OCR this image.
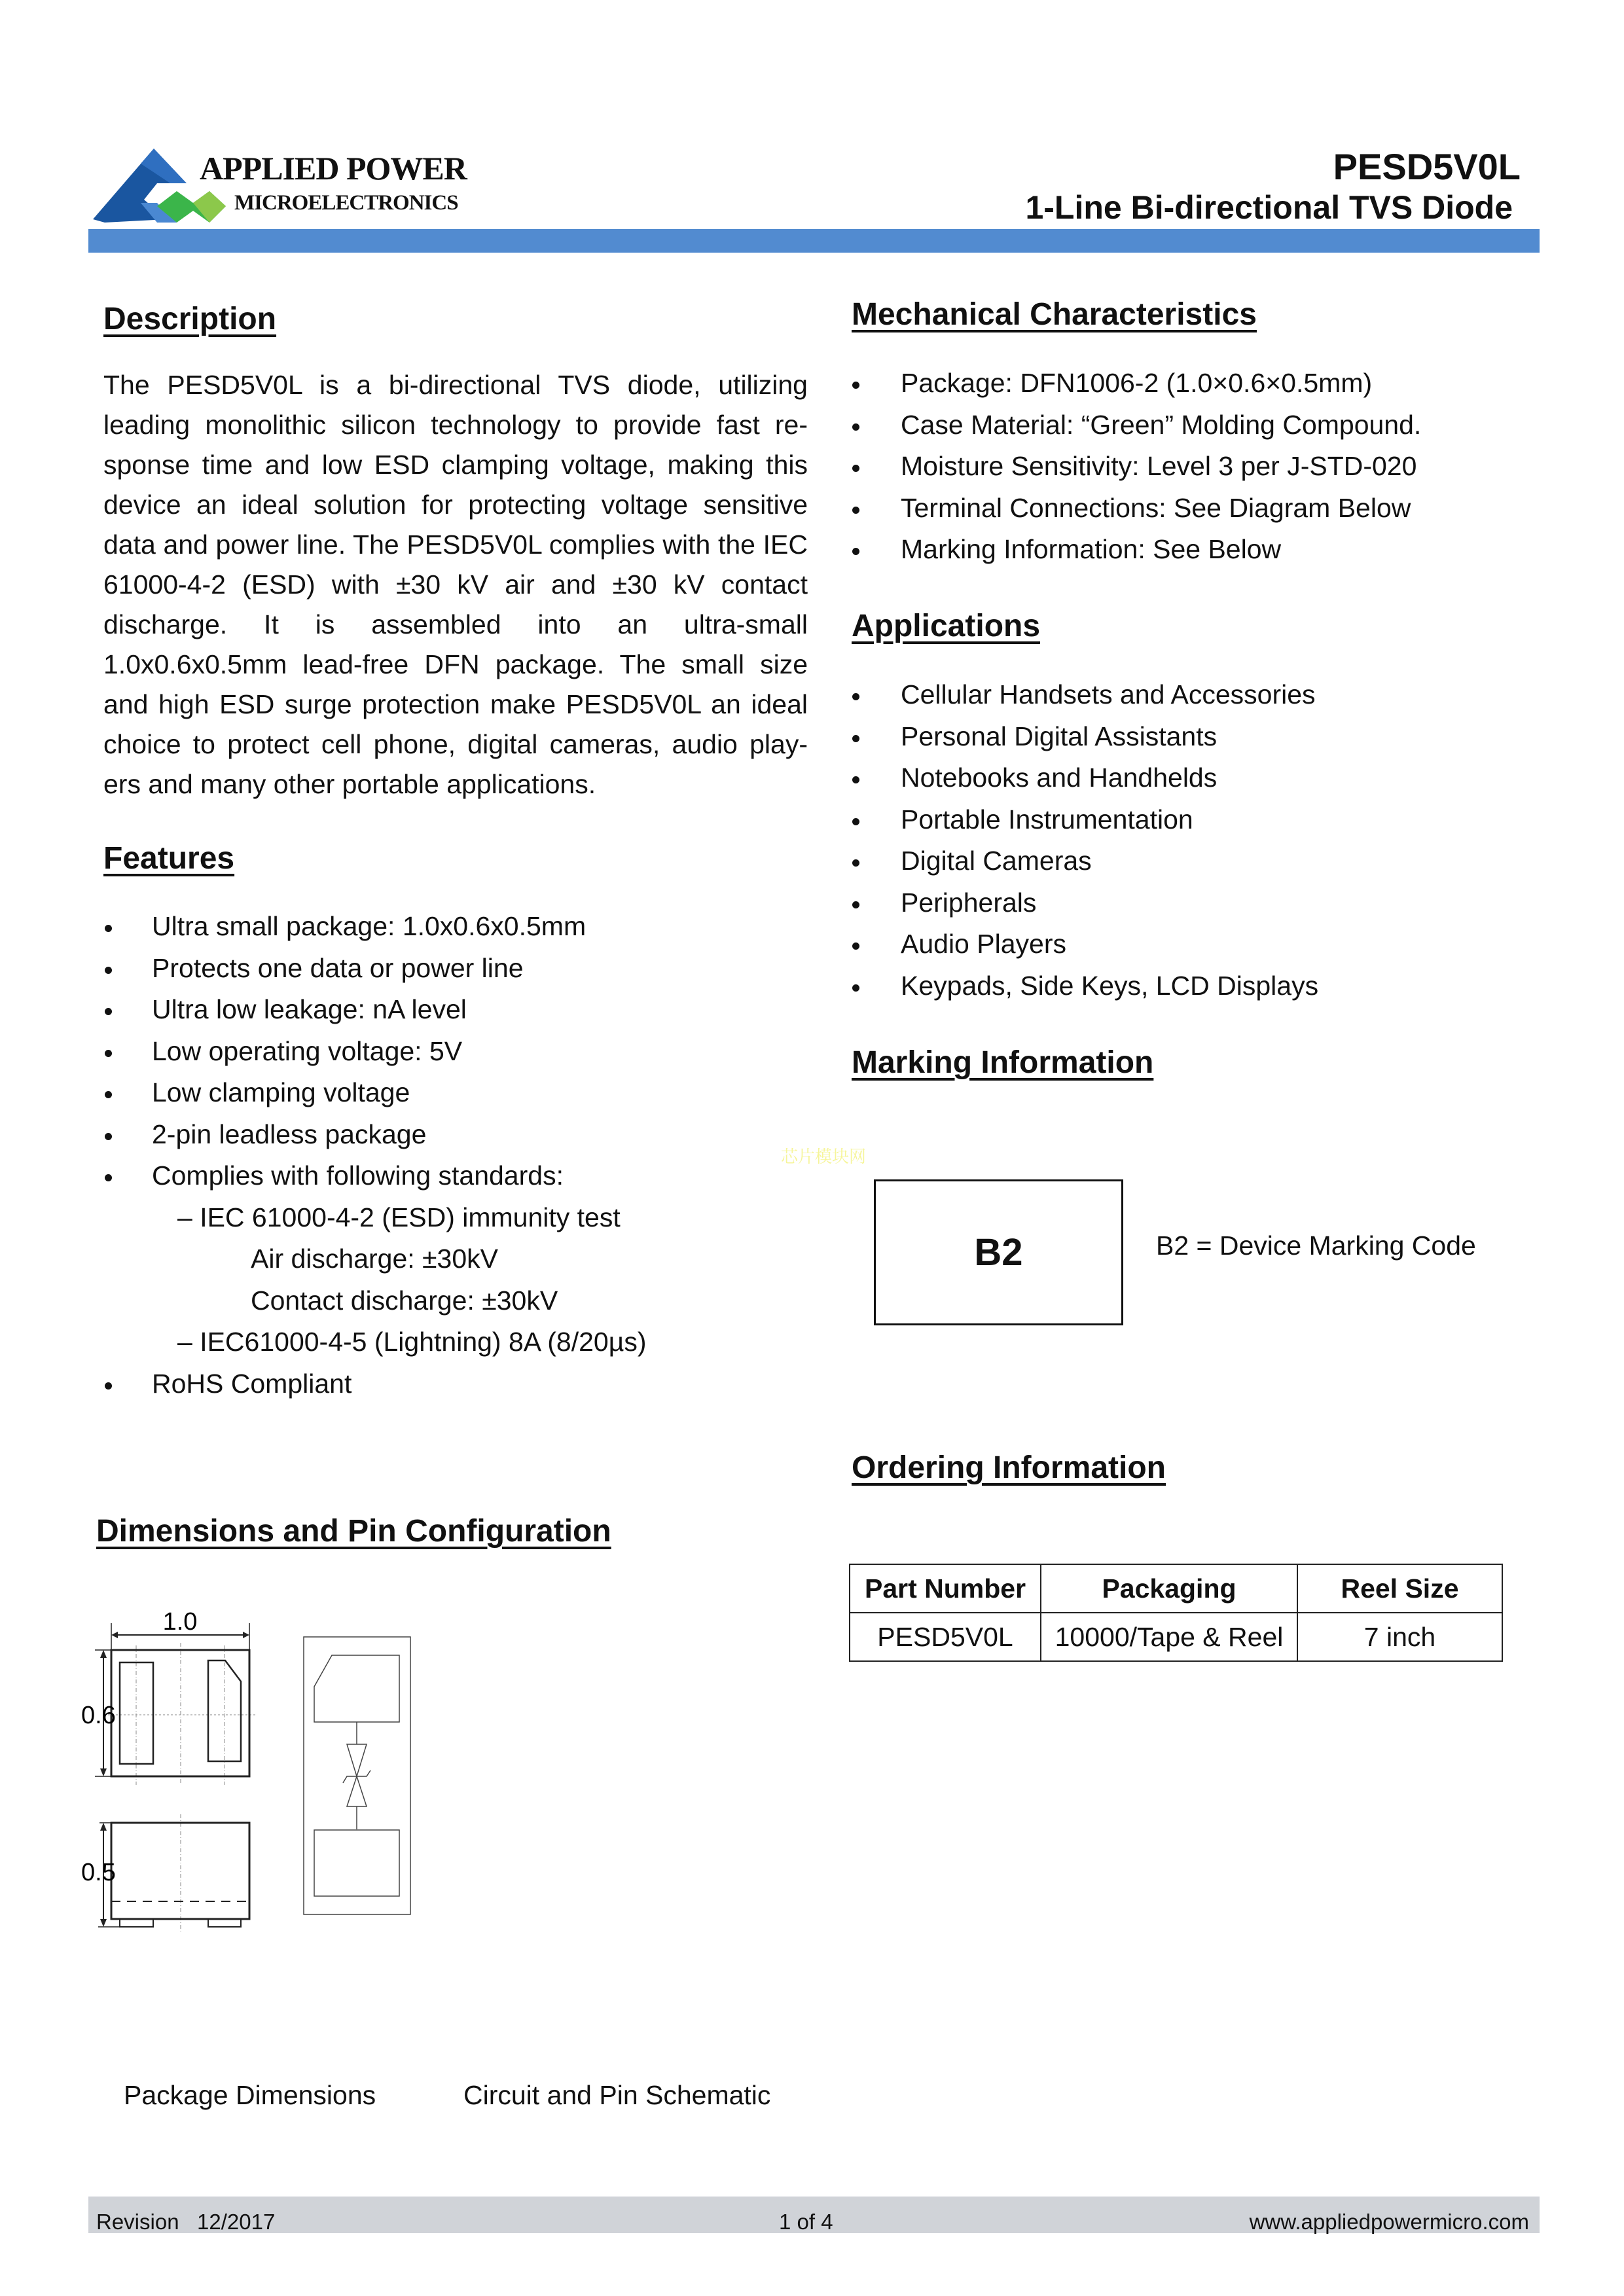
APPLIED POWER
MICROELECTRONICS
PESD5V0L
1-Line Bi-directional TVS Diode
Description
The PESD5V0L is a bi-directional TVS diode, utilizing leading monolithic silicon technology to provide fast re-sponse time and low ESD clamping voltage, making this device an ideal solution for protecting voltage sensitive data and power line. The PESD5V0L complies with the IEC 61000-4-2 (ESD) with ±30 kV air and ±30 kV contact discharge. It is assembled into an ultra-small 1.0x0.6x0.5mm lead-free DFN package. The small size and high ESD surge protection make PESD5V0L an ideal choice to protect cell phone, digital cameras, audio play-ers and many other portable applications.
Features
Ultra small package: 1.0x0.6x0.5mm
Protects one data or power line
Ultra low leakage: nA level
Low operating voltage: 5V
Low clamping voltage
2-pin leadless package
Complies with following standards:
– IEC 61000-4-2 (ESD) immunity test
Air discharge: ±30kV
Contact discharge: ±30kV
– IEC61000-4-5 (Lightning) 8A (8/20µs)
RoHS Compliant
Dimensions and Pin Configuration
1.0
0.6
0.5
Package Dimensions	Circuit and Pin Schematic
Mechanical Characteristics
Package: DFN1006-2 (1.0×0.6×0.5mm)
Case Material: “Green” Molding Compound.
Moisture Sensitivity: Level 3 per J-STD-020
Terminal Connections: See Diagram Below
Marking Information: See Below
Applications
Cellular Handsets and Accessories
Personal Digital Assistants
Notebooks and Handhelds
Portable Instrumentation
Digital Cameras
Peripherals
Audio Players
Keypads, Side Keys, LCD Displays
Marking Information
芯片模块网
B2	B2 = Device Marking Code
Ordering Information
Part Number	Packaging	Reel Size
PESD5V0L	10000/Tape & Reel	7 inch
Revision   12/2017	1 of 4	www.appliedpowermicro.com
